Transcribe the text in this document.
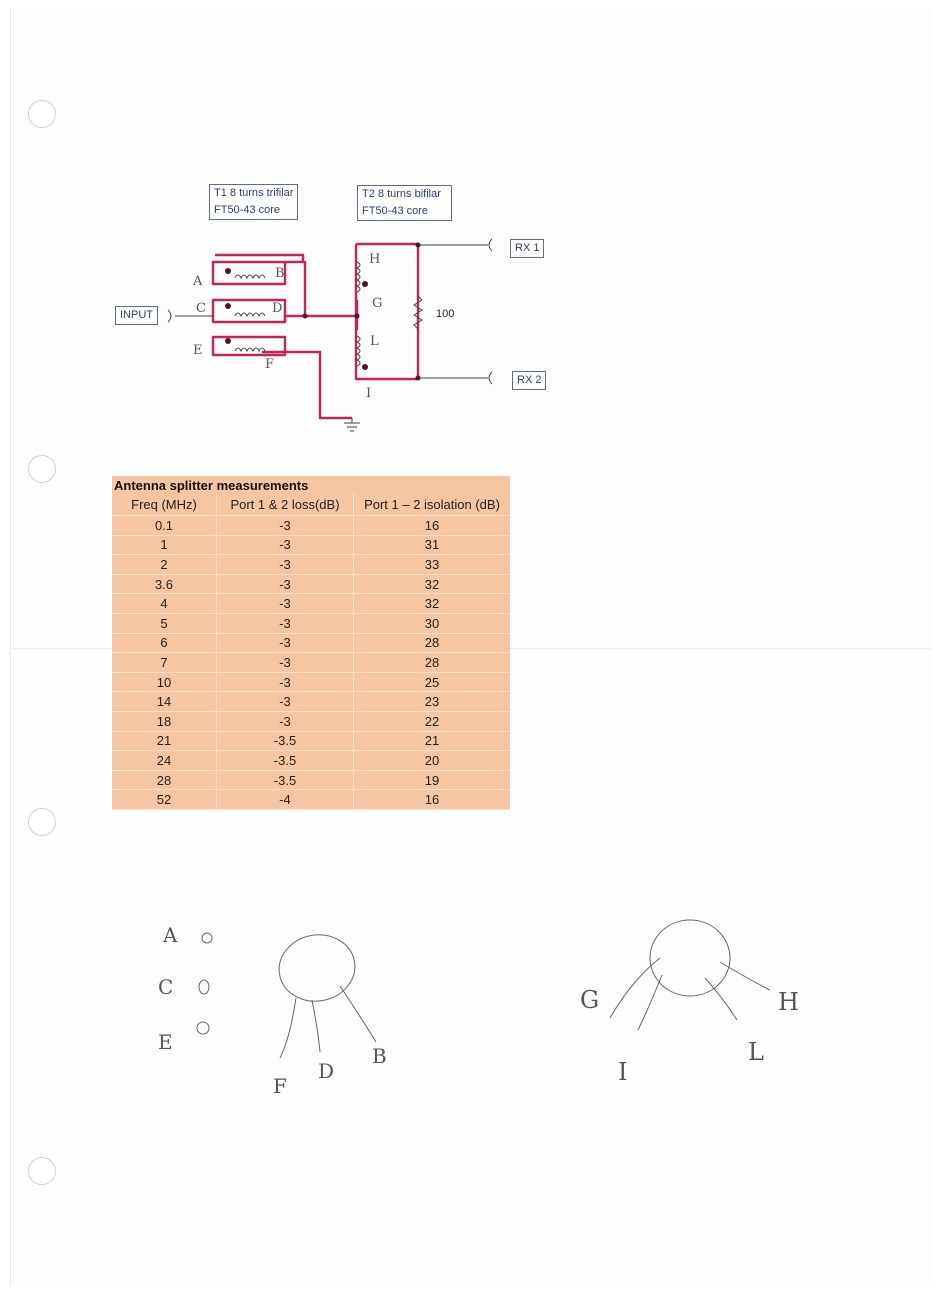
T1 8 turns trifilar
FT50-43 core
T2 8 turns bifilar
FT50-43 core
INPUT
RX 1
RX 2
A
B
C	D
E
F
H
G
L
I
100
A
C
E
F
D
B
G
I
L
H
Antenna splitter measurements
Freq (MHz)	Port 1 & 2 loss(dB)	Port 1 – 2 isolation (dB)
0.1	-3	16
1	-3	31
2	-3	33
3.6	-3	32
4	-3	32
5	-3	30
6	-3	28
7	-3	28
10	-3	25
14	-3	23
18	-3	22
21	-3.5	21
24	-3.5	20
28	-3.5	19
52	-4	16
